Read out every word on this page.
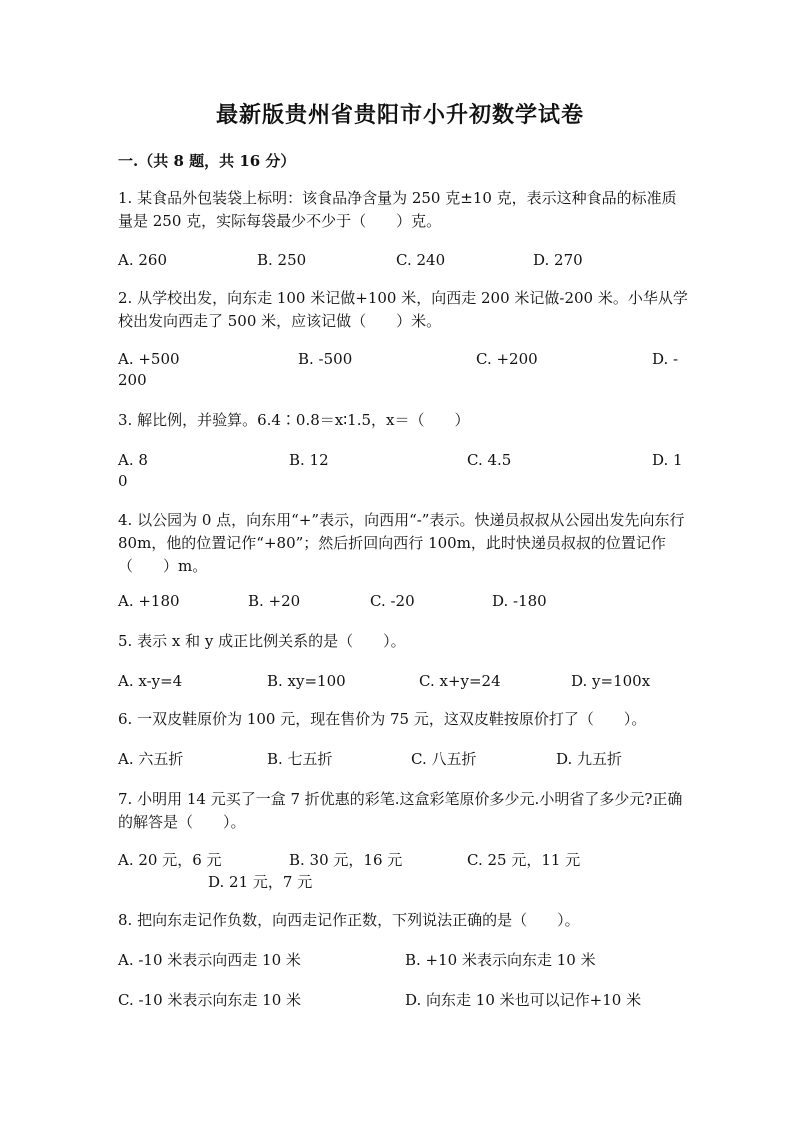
最新版贵州省贵阳市小升初数学试卷
一.（共 8 题，共 16 分）
1. 某食品外包装袋上标明：该食品净含量为 250 克±10 克，表示这种食品的标准质量是 250 克，实际每袋最少不少于（　　）克。
A. 260	B. 250	C. 240	D. 270
2. 从学校出发，向东走 100 米记做+100 米，向西走 200 米记做-200 米。小华从学校出发向西走了 500 米，应该记做（　　）米。
A. +500	B. -500	C. +200	D. -
200
3. 解比例，并验算。6.4∶0.8＝x∶1.5，x＝（　　）
A. 8	B. 12	C. 4.5	D. 1
0
4. 以公园为 0 点，向东用“+”表示，向西用“-”表示。快递员叔叔从公园出发先向东行 80m，他的位置记作“+80”；然后折回向西行 100m，此时快递员叔叔的位置记作（　　）m。
A. +180	B. +20	C. -20	D. -180
5. 表示 x 和 y 成正比例关系的是（　　）。
A. x-y=4	B. xy=100	C. x+y=24	D. y=100x
6. 一双皮鞋原价为 100 元，现在售价为 75 元，这双皮鞋按原价打了（　　）。
A. 六五折	B. 七五折	C. 八五折	D. 九五折
7. 小明用 14 元买了一盒 7 折优惠的彩笔.这盒彩笔原价多少元.小明省了多少元?正确的解答是（　　）。
A. 20 元，6 元	B. 30 元，16 元	C. 25 元，11 元
D. 21 元，7 元
8. 把向东走记作负数，向西走记作正数，下列说法正确的是（　　）。
A. -10 米表示向西走 10 米	B. +10 米表示向东走 10 米
C. -10 米表示向东走 10 米	D. 向东走 10 米也可以记作+10 米
